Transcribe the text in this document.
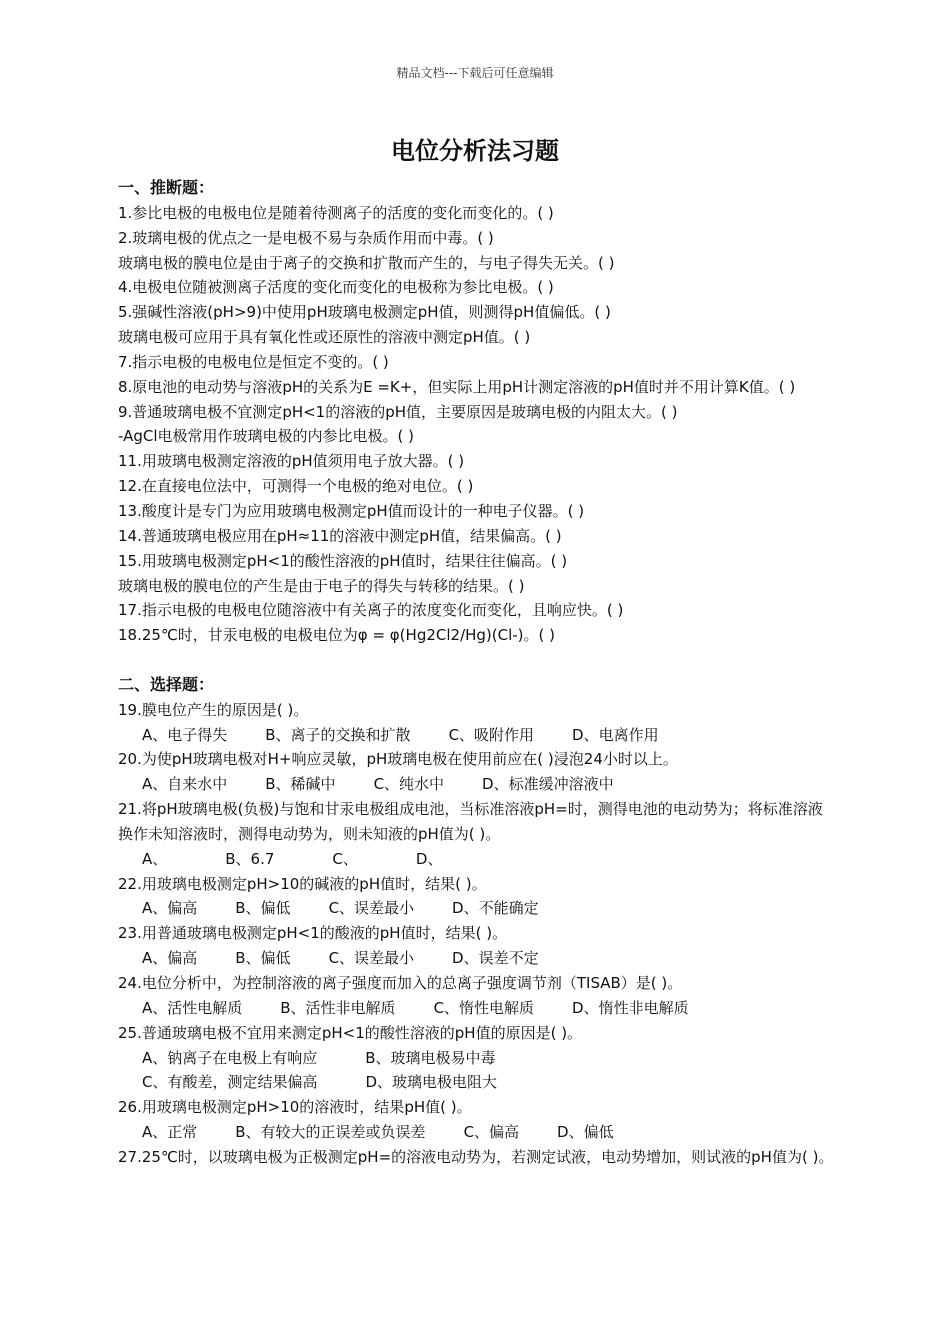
精品文档---下载后可任意编辑
电位分析法习题
一、推断题：
1.参比电极的电极电位是随着待测离子的活度的变化而变化的。( )
2.玻璃电极的优点之一是电极不易与杂质作用而中毒。( )
玻璃电极的膜电位是由于离子的交换和扩散而产生的，与电子得失无关。( )
4.电极电位随被测离子活度的变化而变化的电极称为参比电极。( )
5.强碱性溶液(pH>9)中使用pH玻璃电极测定pH值，则测得pH值偏低。( )
玻璃电极可应用于具有氧化性或还原性的溶液中测定pH值。( )
7.指示电极的电极电位是恒定不变的。( )
8.原电池的电动势与溶液pH的关系为E =K+，但实际上用pH计测定溶液的pH值时并不用计算K值。( )
9.普通玻璃电极不宜测定pH<1的溶液的pH值，主要原因是玻璃电极的内阻太大。( )
-AgCl电极常用作玻璃电极的内参比电极。( )
11.用玻璃电极测定溶液的pH值须用电子放大器。( )
12.在直接电位法中，可测得一个电极的绝对电位。( )
13.酸度计是专门为应用玻璃电极测定pH值而设计的一种电子仪器。( )
14.普通玻璃电极应用在pH≈11的溶液中测定pH值，结果偏高。( )
15.用玻璃电极测定pH<1的酸性溶液的pH值时，结果往往偏高。( )
玻璃电极的膜电位的产生是由于电子的得失与转移的结果。( )
17.指示电极的电极电位随溶液中有关离子的浓度变化而变化，且响应快。( )
18.25℃时，甘汞电极的电极电位为φ = φ(Hg2Cl2/Hg)(Cl-)。( )
二、选择题：
19.膜电位产生的原因是( )。
A、电子得失	B、离子的交换和扩散	C、吸附作用	D、电离作用
20.为使pH玻璃电极对H+响应灵敏，pH玻璃电极在使用前应在( )浸泡24小时以上。
A、自来水中	B、稀碱中	C、纯水中	D、标准缓冲溶液中
21.将pH玻璃电极(负极)与饱和甘汞电极组成电池，当标准溶液pH=时，测得电池的电动势为；将标准溶液换作未知溶液时，测得电动势为，则未知液的pH值为( )。
A、	B、6.7	C、	D、
22.用玻璃电极测定pH>10的碱液的pH值时，结果( )。
A、偏高	B、偏低	C、误差最小	D、不能确定
23.用普通玻璃电极测定pH<1的酸液的pH值时，结果( )。
A、偏高	B、偏低	C、误差最小	D、误差不定
24.电位分析中，为控制溶液的离子强度而加入的总离子强度调节剂（TISAB）是( )。
A、活性电解质	B、活性非电解质	C、惰性电解质	D、惰性非电解质
25.普通玻璃电极不宜用来测定pH<1的酸性溶液的pH值的原因是( )。
A、钠离子在电极上有响应	B、玻璃电极易中毒
C、有酸差，测定结果偏高	D、玻璃电极电阻大
26.用玻璃电极测定pH>10的溶液时，结果pH值( )。
A、正常	B、有较大的正误差或负误差	C、偏高	D、偏低
27.25℃时，以玻璃电极为正极测定pH=的溶液电动势为，若测定试液，电动势增加，则试液的pH值为( )。
